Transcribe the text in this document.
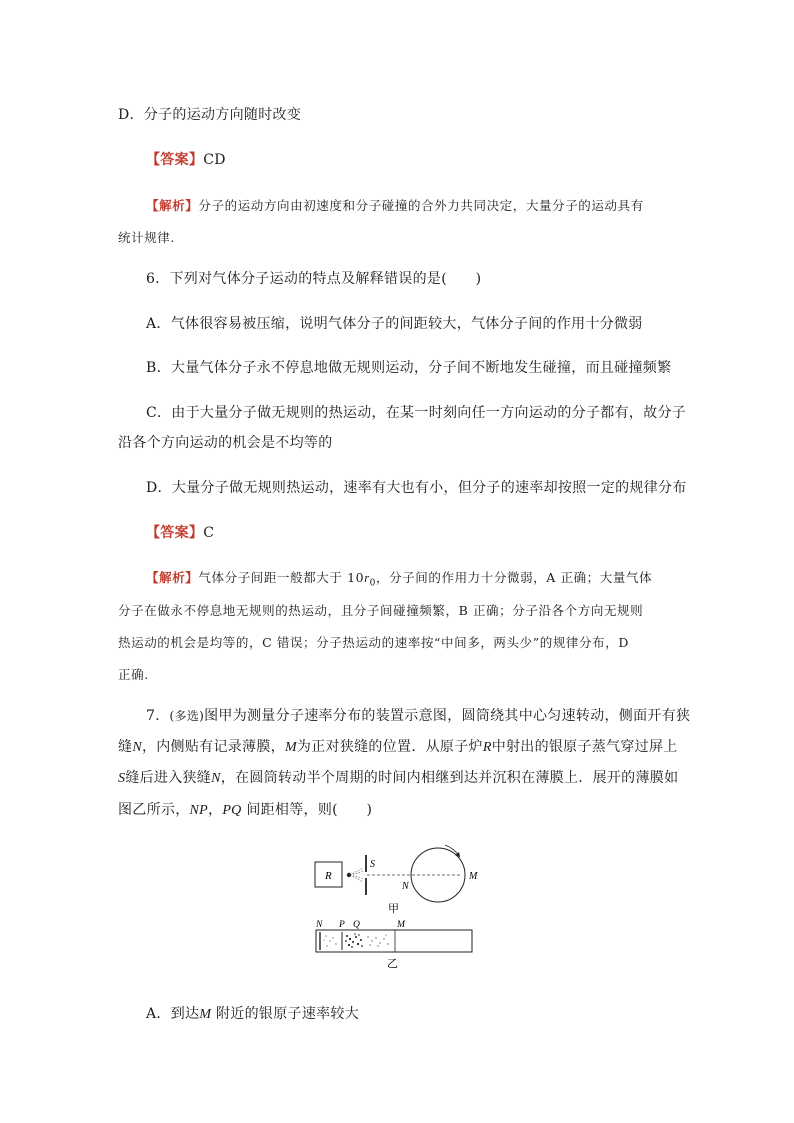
D．分子的运动方向随时改变
【答案】CD
【解析】分子的运动方向由初速度和分子碰撞的合外力共同决定，大量分子的运动具有
统计规律.
6．下列对气体分子运动的特点及解释错误的是(　　)
A．气体很容易被压缩，说明气体分子的间距较大，气体分子间的作用十分微弱
B．大量气体分子永不停息地做无规则运动，分子间不断地发生碰撞，而且碰撞频繁
C．由于大量分子做无规则的热运动，在某一时刻向任一方向运动的分子都有，故分子
沿各个方向运动的机会是不均等的
D．大量分子做无规则热运动，速率有大也有小，但分子的速率却按照一定的规律分布
【答案】C
【解析】气体分子间距一般都大于 $10r_0$，分子间的作用力十分微弱，A 正确；大量气体
分子在做永不停息地无规则的热运动，且分子间碰撞频繁，B 正确；分子沿各个方向无规则
热运动的机会是均等的，C 错误；分子热运动的速率按“中间多，两头少”的规律分布，D
正确.
7．(多选)图甲为测量分子速率分布的装置示意图，圆筒绕其中心匀速转动，侧面开有狭
缝N，内侧贴有记录薄膜，M为正对狭缝的位置．从原子炉R中射出的银原子蒸气穿过屏上
S缝后进入狭缝N，在圆筒转动半个周期的时间内相继到达并沉积在薄膜上．展开的薄膜如
图乙所示，NP，PQ 间距相等，则(　　)
R
S
N
M
甲
N P Q	M
乙
A．到达M 附近的银原子速率较大
